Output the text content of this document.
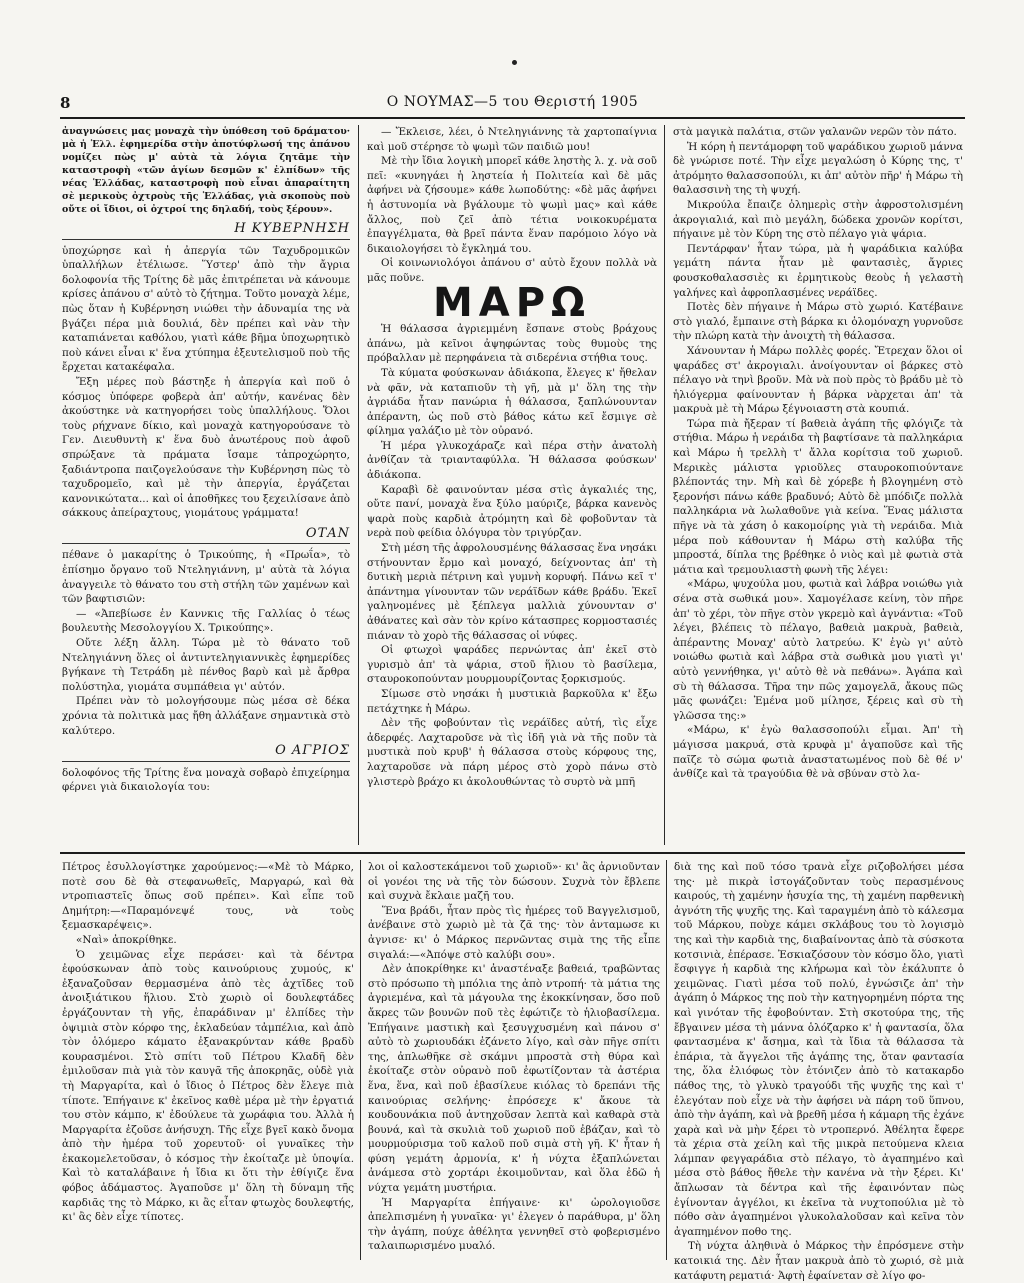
8	Ο ΝΟΥΜΑΣ—5 του Θεριστή 1905

ἀναγνώσεις μας μοναχὰ τὴν ὑπόθεση τοῦ δράματου· μὰ ἡ Ἑλλ. ἐφημερίδα στὴν ἀποτύφλωσή της ἀπάνου νομίζει πὼς μ' αὐτὰ τὰ λόγια ζητᾶμε τὴν καταστροφὴ «τῶν ἁγίων δεσμῶν κ' ἐλπίδων» τῆς νέας Ἑλλάδας, καταστροφὴ ποὺ εἶναι ἀπαραίτητη σὲ μερικοὺς ὀχτροὺς τῆς Ἑλλάδας, γιὰ σκοποὺς ποὺ οὔτε οἱ ἴδιοι, οἱ ὀχτροί της δηλαδή, τοὺς ξέρουν».

Η ΚΥΒΕΡΝΗΣΗ

ὑποχώρησε καὶ ἡ ἀπεργία τῶν Ταχυδρομικῶν ὑπαλλήλων ἐτέλιωσε. Ὕστερ' ἀπὸ τὴν ἄγρια δολοφονία τῆς Τρίτης δὲ μᾶς ἐπιτρέπεται νὰ κάνουμε κρίσες ἀπάνου σ' αὐτὸ τὸ ζήτημα. Τοῦτο μοναχὰ λέμε, πὼς ὅταν ἡ Κυβέρνηση νιώθει τὴν ἀδυναμία της νὰ βγάζει πέρα μιὰ δουλιά, δὲν πρέπει καὶ νὰν τὴν καταπιάνεται καθόλου, γιατὶ κάθε βῆμα ὑποχωρητικὸ ποὺ κάνει εἶναι κ' ἕνα χτύπημα ἐξευτελισμοῦ ποὺ τῆς ἔρχεται κατακέφαλα.

Ἔξη μέρες ποὺ βάστηξε ἡ ἀπεργία καὶ ποῦ ὁ κόσμος ὑπόφερε φοβερὰ ἀπ' αὐτήν, κανένας δὲν ἀκούστηκε νὰ κατηγορήσει τοὺς ὑπαλλήλους. Ὅλοι τοὺς ρήχνανε δίκιο, καὶ μοναχὰ κατηγορούσανε τὸ Γεν. Διευθυντὴ κ' ἕνα δυὸ ἀνωτέρους ποὺ ἀφοῦ σπρώξανε τὰ πράματα ἴσαμε τἀπροχώρητο, ξαδιάντροπα παιζογελούσανε τὴν Κυβέρνηση πὼς τὸ ταχυδρομεῖο, καὶ μὲ τὴν ἀπεργία, ἐργάζεται κανονικώτατα... καὶ οἱ ἀποθῆκες του ξεχειλίσανε ἀπὸ σάκκους ἀπείραχτους, γιομάτους γράμματα!

ΟΤΑΝ

πέθανε ὁ μακαρίτης ὁ Τρικούπης, ἡ «Πρωΐα», τὸ ἐπίσημο ὄργανο τοῦ Ντεληγιάννη, μ' αὐτὰ τὰ λόγια ἀναγγειλε τὸ θάνατο του στὴ στήλη τῶν χαμένων καὶ τῶν βαφτισιῶν:

— «Ἀπεβίωσε ἐν Καννκις τῆς Γαλλίας ὁ τέως βουλευτὴς Μεσολογγίου Χ. Τρικούπης».

Οὔτε λέξη ἄλλη. Τώρα μὲ τὸ θάνατο τοῦ Ντεληγιάννη ὅλες οἱ ἀντιντεληγιαννικὲς ἐφημερίδες βγήκανε τὴ Τετράδη μὲ πένθος βαρὺ καὶ μὲ ἄρθρα πολύστηλα, γιομάτα συμπάθεια γι' αὐτόν.

Πρέπει νὰν τὸ μολογήσουμε πὼς μέσα σὲ δέκα χρόνια τὰ πολιτικὰ μας ἤθη ἀλλάξανε σημαντικὰ στὸ καλύτερο.

Ο ΑΓΡΙΟΣ

δολοφόνος τῆς Τρίτης ἕνα μοναχὰ σοβαρὸ ἐπιχείρημα φέρνει γιὰ δικαιολογία του:

— Ἔκλεισε, λέει, ὁ Ντεληγιάννης τὰ χαρτοπαίγνια καὶ μοῦ στέρησε τὸ ψωμὶ τῶν παιδιῶ μου!

Μὲ τὴν ἴδια λογικὴ μπορεῖ κάθε ληστὴς λ. χ. νὰ σοῦ πεῖ: «κυνηγάει ἡ ληστεία ἡ Πολιτεία καὶ δὲ μᾶς ἀφήνει νὰ ζήσουμε» κάθε λωποδύτης: «δὲ μᾶς ἀφήνει ἡ ἀστυνομία νὰ βγάλουμε τὸ ψωμὶ μας» καὶ κάθε ἄλλος, ποὺ ζεῖ ἀπὸ τέτια νοικοκυρέματα ἐπαγγέλματα, θὰ βρεῖ πάντα ἕναν παρόμοιο λόγο νὰ δικαιολογήσει τὸ ἔγκλημά του.

Οἱ κοινωνιολόγοι ἀπάνου σ' αὐτὸ ἔχουν πολλὰ νὰ μᾶς ποῦνε.

ΜΑΡΩ

Ἡ θάλασσα ἀγριεμμένη ἔσπανε στοὺς βράχους ἀπάνω, μὰ κεῖνοι ἀψηφώντας τοὺς θυμοὺς της πρόβαλλαν μὲ περηφάνεια τὰ σιδερένια στήθια τους.

Τὰ κύματα φούσκωναν ἀδιάκοπα, ἔλεγες κ' ἤθελαν νὰ φᾶν, νὰ καταπιοῦν τὴ γῆ, μὰ μ' ὅλη της τὴν ἀγριάδα ἦταν πανώρια ἡ θάλασσα, ξαπλώνουνταν ἀπέραντη, ὡς ποῦ στὸ βάθος κάτω κεῖ ἔσμιγε σὲ φίλημα γαλάζιο μὲ τὸν οὐρανό.

Ἡ μέρα γλυκοχάραζε καὶ πέρα στὴν ἀνατολὴ ἀνθίζαν τὰ τριανταφύλλα. Ἡ θάλασσα φούσκων' ἀδιάκοπα.

Καραβὶ δὲ φαινούνταν μέσα στὶς ἀγκαλιές της, οὔτε πανί, μοναχὰ ἕνα ξύλο μαύριζε, βάρκα κανενὸς ψαρὰ ποὺς καρδιὰ ἀτρόμητη καὶ δὲ φοβοῦνταν τὰ νερὰ ποὺ φείδια ὁλόγυρα τὸν τριγύρζαν.

Στὴ μέση τῆς ἀφρολουσμένης θάλασσας ἕνα νησάκι στήνουνταν ἔρμο καὶ μοναχό, δείχνοντας ἀπ' τὴ δυτικὴ μεριὰ πέτρινη καὶ γυμνὴ κορυφή. Πάνω κεῖ τ' ἀπάντημα γίνουνταν τῶν νεράϊδων κάθε βράδυ. Ἐκεῖ γαληνομένες μὲ ξέπλεγα μαλλιὰ χύνουνταν σ' ἀθάνατες καὶ σὰν τὸν κρίνο κάτασπρες κορμοστασιές πιάναν τὸ χορὸ τῆς θάλασσας οἱ νύφες.

Οἱ φτωχοὶ ψαράδες περνώντας ἀπ' ἐκεῖ στὸ γυρισμὸ ἀπ' τὰ ψάρια, στοῦ ἥλιου τὸ βασίλεμα, σταυροκοπούνταν μουρμουρίζοντας ξορκισμούς.

Σίμωσε στὸ νησάκι ἡ μυστικιὰ βαρκοῦλα κ' ἔξω πετάχτηκε ἡ Μάρω.

Δὲν τῆς φοβούνταν τὶς νεράϊδες αὐτή, τὶς εἶχε ἀδερφές. Λαχταροῦσε νὰ τὶς ἰδῆ γιὰ νὰ τῆς ποῦν τὰ μυστικὰ ποὺ κρυβ' ἡ θάλασσα στοὺς κόρφους της, λαχταροῦσε νὰ πάρη μέρος στὸ χορὸ πάνω στὸ γλιστερὸ βράχο κι ἀκολουθώντας τὸ συρτὸ νὰ μπῆ

στὰ μαγικὰ παλάτια, στῶν γαλανῶν νερῶν τὸν πάτο.

Ἡ κόρη ἡ πεντάμορφη τοῦ ψαράδικου χωριοῦ μάννα δὲ γνώρισε ποτέ. Τὴν εἶχε μεγαλώση ὁ Κύρης της, τ' ἀτρόμητο θαλασσοπούλι, κι ἀπ' αὐτὸν πῆρ' ἡ Μάρω τὴ θαλασσινὴ της τὴ ψυχή.

Μικρούλα ἔπαιζε ὁλημερὶς στὴν ἀφροστολισμένη ἀκρογιαλιά, καὶ πιὸ μεγάλη, δώδεκα χρονῶν κορίτσι, πήγαινε μὲ τὸν Κύρη της στὸ πέλαγο γιὰ ψάρια.

Πεντάρφαν' ἦταν τώρα, μὰ ἡ ψαράδικια καλύβα γεμάτη πάντα ἦταν μὲ φαντασιὲς, ἄγριες φουσκοθαλασσιὲς κι ἐρμητικοὺς θεοὺς ἡ γελαστὴ γαλήνες καὶ ἀφροπλασμένες νεράϊδες.

Ποτὲς δὲν πήγαινε ἡ Μάρω στὸ χωριό. Κατέβαινε στὸ γιαλό, ἔμπαινε στὴ βάρκα κι ὁλομόναχη γυρνοῦσε τὴν πλώρη κατὰ τὴν ἀνοιχτὴ τὴ θάλασσα.

Χάνουνταν ἡ Μάρω πολλὲς φορές. Ἔτρεχαν ὅλοι οἱ ψαράδες στ' ἀκρογιαλι. ἀνοίγουνταν οἱ βάρκες στὸ πέλαγο νὰ τηνὶ βροῦν. Μὰ νὰ ποὺ πρὸς τὸ βράδυ μὲ τὸ ἡλιόγερμα φαίνουνταν ἡ βάρκα νὰρχεται ἀπ' τὰ μακρυὰ μὲ τὴ Μάρω ξέγνοιαστη στὰ κουπιά.

Τώρα πιὰ ἤξεραν τί βαθειὰ ἀγάπη τῆς φλόγιζε τὰ στήθια. Μάρω ἡ νεράιδα τὴ βαφτίσανε τὰ παλληκάρια καὶ Μάρω ἡ τρελλὴ τ' ἄλλα κορίτσια τοῦ χωριοῦ. Μερικὲς μάλιστα γριοῦλες σταυροκοπιούντανε βλέποντάς την. Μὴ καὶ δὲ χόρεβε ἡ βλογημένη στὸ ξερονήσι πάνω κάθε βραδυνό; Αὐτὸ δὲ μπόδιζε πολλὰ παλληκάρια νὰ λωλαθοῦνε γιὰ κείνα. Ἕνας μάλιστα πῆγε νὰ τὰ χάση ὁ κακομοίρης γιὰ τὴ νεράιδα. Μιὰ μέρα ποὺ κάθουνταν ἡ Μάρω στὴ καλύβα τῆς μπροστά, δίπλα της βρέθηκε ὁ νιὸς καὶ μὲ φωτιὰ στὰ μάτια καὶ τρεμουλιαστὴ φωνὴ τῆς λέγει:

«Μάρω, ψυχούλα μου, φωτιὰ καὶ λάβρα νοιώθω γιὰ σένα στὰ σωθικά μου». Χαμογέλασε κείνη, τὸν πῆρε ἀπ' τὸ χέρι, τὸν πῆγε στὸν γκρεμὸ καὶ ἀγνάντια: «Τοῦ λέγει, βλέπεις τὸ πέλαγο, βαθειὰ μακρυὰ, βαθειὰ, ἀπέραντης Μοναχ' αὐτὸ λατρεύω. Κ' ἐγὼ γι' αὐτὸ νοιώθω φωτιὰ καὶ λάβρα στὰ σωθικὰ μου γιατὶ γι' αὐτὸ γεννήθηκα, γι' αὐτὸ θὲ νὰ πεθάνω». Ἀγάπα καὶ σὺ τὴ θάλασσα. Τῆρα την πῶς χαμογελᾶ, ἄκους πῶς μᾶς φωνάζει: Ἐμένα μοῦ μίλησε, ξέρεις καὶ σὺ τὴ γλῶσσα της:»

«Μάρω, κ' ἐγὼ θαλασσοπούλι εἶμαι. Ἀπ' τὴ μάγισσα μακρυά, στὰ κρυφὰ μ' ἀγαποῦσε καὶ τῆς παῖζε τὸ σώμα φωτιὰ ἀναστατωμένος ποὺ δὲ θέ ν' ἀνθίζε καὶ τὰ τραγούδια θὲ νὰ σβύναν στὸ λα-

Πέτρος ἐσυλλογίστηκε χαρούμενος:—«Μὲ τὸ Μάρκο, ποτὲ σου δὲ θὰ στεφανωθεῖς, Μαργαρώ, καὶ θὰ ντροπιαστεῖς ὅπως σοῦ πρέπει». Καὶ εἶπε τοῦ Δημήτρη:—«Παραμόνεψέ τους, νὰ τοὺς ξεμασκαρέψεις».

«Ναὶ» ἀποκρίθηκε.

Ὁ χειμῶνας εἶχε περάσει· καὶ τὰ δέντρα ἐφούσκωναν ἀπὸ τοὺς καινούριους χυμούς, κ' ἐξαναζοῦσαν θερμασμένα ἀπὸ τὲς ἀχτῖδες τοῦ ἀνοιξιάτικου ἥλιου. Στὸ χωριὸ οἱ δουλεφτάδες ἐργάζουνταν τὴ γῆς, ἐπαράδιναν μ' ἐλπίδες τὴν ὀψιμιὰ στὸν κόρφο της, ἐκλαδεύαν τἀμπέλια, καὶ ἀπὸ τὸν ὁλόμερο κάματο ἐξανακρύνταν κάθε βραδὺ κουρασμένοι. Στὸ σπίτι τοῦ Πέτρου Κλαδῆ δὲν ἐμιλοῦσαν πιὰ γιὰ τὸν καυγᾶ τῆς ἀποκρηᾶς, οὐδὲ γιὰ τὴ Μαργαρίτα, καὶ ὁ ἴδιος ὁ Πέτρος δὲν ἔλεγε πιὰ τίποτε. Ἐπήγαινε κ' ἐκεῖνος καθὲ μέρα μὲ τὴν ἐργατιά του στὸν κάμπο, κ' ἐδούλευε τὰ χωράφια του. Ἀλλὰ ἡ Μαργαρίτα ἐζοῦσε ἀνήσυχη. Τῆς εἶχε βγεῖ κακὸ ὄνομα ἀπὸ τὴν ἡμέρα τοῦ χορευτοῦ· οἱ γυναῖκες τὴν ἐκακομελετοῦσαν, ὁ κόσμος τὴν ἐκοίταζε μὲ ὑποψία. Καὶ τὸ καταλάβαινε ἡ ἴδια κι ὅτι τὴν ἐθίγιζε ἕνα φόβος ἀδάμαστος. Ἀγαποῦσε μ' ὅλη τὴ δύναμη τῆς καρδιᾶς της τὸ Μάρκο, κι ἂς εἶταν φτωχὸς δουλεφτής, κι' ἂς δὲν εἶχε τίποτες.

λοι οἱ καλοστεκάμενοι τοῦ χωριοῦ»· κι' ἂς ἀρνιοῦνταν οἱ γονέοι της νὰ τῆς τὸν δώσουν. Συχνὰ τὸν ἔβλεπε καὶ συχνὰ ἔκλαιε μαζῆ του.

Ἕνα βράδι, ἦταν πρὸς τὶς ἡμέρες τοῦ Βαγγελισμοῦ, ἀνέβαινε στὸ χωριὸ μὲ τὰ ζᾶ της· τὸν ἀνταμωσε κι ἀγνισε· κι' ὁ Μάρκος περνῶντας σιμὰ της τῆς εἶπε σιγαλά:—«Ἀπόψε στὸ καλύβι σου».

Δὲν ἀποκρίθηκε κι' ἀναστέναξε βαθειά, τραβῶντας στὸ πρόσωπο τὴ μπόλια της ἀπὸ ντροπή· τὰ μάτια της ἀγριεμένα, καὶ τὰ μάγουλα της ἐκοκκίνησαν, ὅσο ποῦ ἄκρες τῶν βουνῶν ποῦ τὲς ἐφώτιζε τὸ ἡλιοβασίλεμα. Ἐπήγαινε μαστικὴ καὶ ξεσυγχυσμένη καὶ πάνου σ' αὐτὸ τὸ χωριουδάκι ἐζάνετο λίγο, καὶ σὰν πῆγε σπίτι της, ἀπλωθῆκε σὲ σκάμνι μπροστὰ στὴ θύρα καὶ ἐκοίταζε στὸν οὐρανὸ ποῦ ἐφωτίζονταν τὰ ἀστέρια ἕνα, ἕνα, καὶ ποῦ ἐβασίλευε κιόλας τὸ δρεπάνι τῆς καινούριας σελήνης· ἐπρόσεχε κ' ἄκουε τὰ κουδουνάκια ποῦ ἀντηχοῦσαν λεπτὰ καὶ καθαρὰ στὰ βουνά, καὶ τὰ σκυλιὰ τοῦ χωριοῦ ποῦ ἐβάζαν, καὶ τὸ μουρμούρισμα τοῦ καλοῦ ποῦ σιμὰ στὴ γῆ. Κ' ἦταν ἡ φύση γεμάτη ἀρμονία, κ' ἡ νύχτα ἐξαπλώνεται ἀνάμεσα στὸ χορτάρι ἐκοιμοῦνταν, καὶ ὅλα ἐδῶ ἡ νύχτα γεμάτη μυστήρια.

Ἡ Μαργαρίτα ἐπήγαινε· κι' ὡρολογιοῦσε ἀπελπισμένη ἡ γυναῖκα· γι' ἐλεγεν ὁ παράθυρα, μ' ὅλη τὴν ἀγάπη, πούχε ἀθέλητα γεννηθεῖ στὸ φοβερισμένο ταλαιπωρισμένο μυαλό.

διὰ της καὶ ποῦ τόσο τρανὰ εἶχε ριζοβολήσει μέσα της· μὲ πικρὰ ἰστογάζοῦνταν τοὺς περασμένους καιρούς, τὴ χαμένην ἡσυχία της, τὴ χαμένη παρθενικὴ ἀγνότη τῆς ψυχῆς της. Καὶ ταραγμένη ἀπὸ τὸ κάλεσμα τοῦ Μάρκου, ποὺχε κάμει σκλάβους του τὸ λογισμὸ της καὶ τὴν καρδιὰ της, διαβαίνοντας ἀπὸ τὰ σύσκοτα κοτσινιὰ, ἐπέρασε. Ἐσκιαζόσουν τὸν κόσμο ὅλο, γιατὶ ἔσφιγγε ἡ καρδιὰ της κλήρωμα καὶ τὸν ἐκάλυπτε ὁ χειμῶνας. Γιατὶ μέσα τοῦ πολύ, ἐγνώσιζε ἀπ' τὴν ἀγάπη ὁ Μάρκος της ποὺ τὴν κατηγορημένη πόρτα της καὶ γινόταν τῆς ἐφοβούνταν. Στὴ σκοτούρα της, τῆς ἔβγαινεν μέσα τὴ μάννα ὁλόζαρκο κ' ἡ φαντασία, ὅλα φαντασμένα κ' ἄσημα, καὶ τὰ ἴδια τὰ θάλασσα τὰ ἐπάρια, τὰ ἄγγελοι τῆς ἀγάπης της, ὅταν φαντασία της, ὅλα ἐλιόφως τὸν ἐτόνιζεν ἀπὸ τὸ κατακαρδο πάθος της, τὸ γλυκὸ τραγούδι τῆς ψυχῆς της καὶ τ' ἐλεγόταν ποὺ εἶχε νὰ τὴν ἀφήσει νὰ πάρη τοῦ ὕπνου, ἀπὸ τὴν ἀγάπη, καὶ νὰ βρεθῆ μέσα ἡ κάμαρη τῆς ἐχάνε χαρὰ καὶ νὰ μὴν ξέρει τὸ ντροπερνό. Ἀθέλητα ἔφερε τὰ χέρια στὰ χείλη καὶ τῆς μικρὰ πετούμενα κλεια λάμπαν φεγγαράδια στὸ πέλαγο, τὸ ἀγαπημένο καὶ μέσα στὸ βάθος ἤθελε τὴν κανένα νὰ τὴν ξέρει. Κι' ἄπλωσαν τὰ δέντρα καὶ τῆς ἐφαινόνταν πὼς ἐγίνονταν ἀγγέλοι, κι ἐκεῖνα τὰ νυχτοπούλια μὲ τὸ πόθο σὰν ἀγαπημένοι γλυκολαλοῦσαν καὶ κεῖνα τὸν ἀγαπημένον ποθο της.

Τὴ νύχτα ἀληθινὰ ὁ Μάρκος τὴν ἐπρόσμενε στὴν κατοικιά της. Δὲν ἦταν μακρυὰ ἀπὸ τὸ χωριό, σὲ μιὰ κατάφυτη ρεματιά· Ἀφτὴ ἐφαίνεταν σὲ λίγο φο-
